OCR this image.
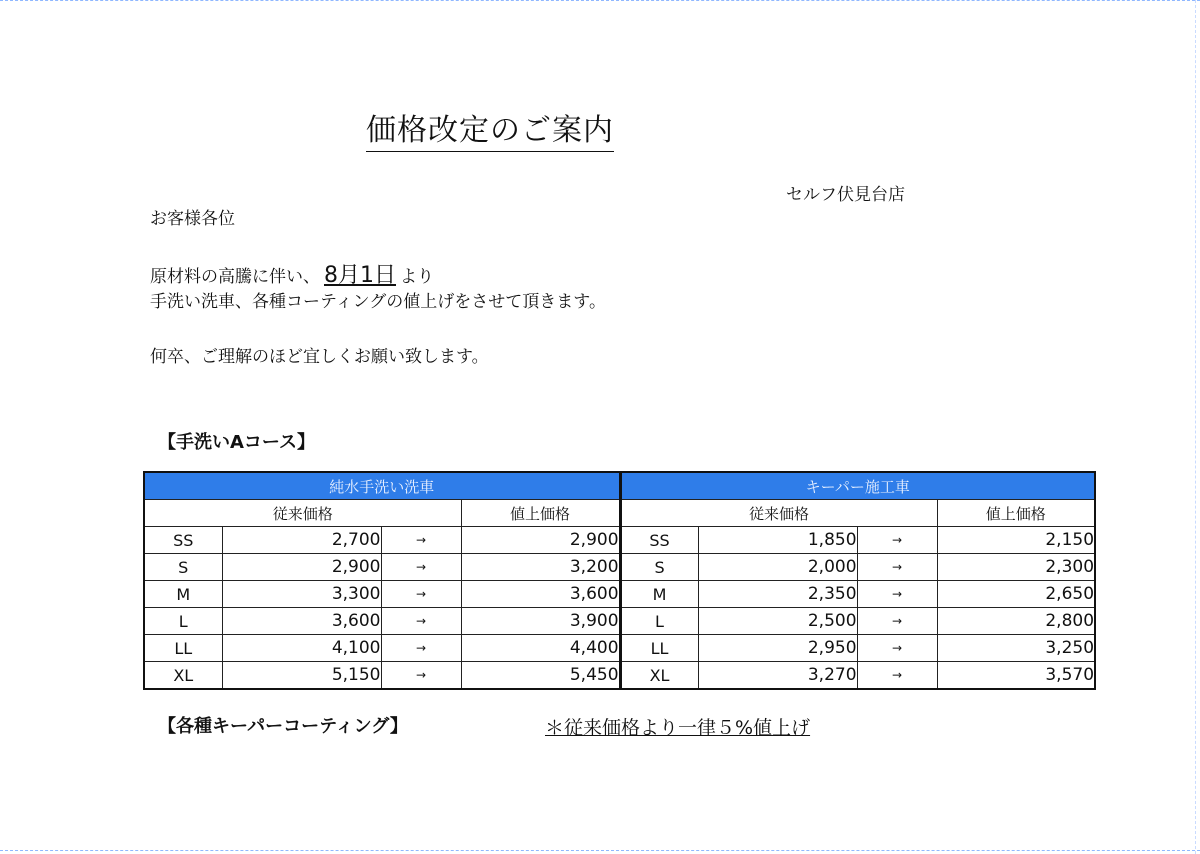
価格改定のご案内
セルフ伏見台店
お客様各位
原材料の高騰に伴い、 8月1日 より
手洗い洗車、各種コーティングの値上げをさせて頂きます。
何卒、ご理解のほど宜しくお願い致します。
【手洗いAコース】
純水手洗い洗車				キーパー施工車			
従来価格			値上価格	従来価格			値上価格
SS	2,700	→	2,900	SS	1,850	→	2,150
S	2,900	→	3,200	S	2,000	→	2,300
M	3,300	→	3,600	M	2,350	→	2,650
L	3,600	→	3,900	L	2,500	→	2,800
LL	4,100	→	4,400	LL	2,950	→	3,250
XL	5,150	→	5,450	XL	3,270	→	3,570
【各種キーパーコーティング】	＊従来価格より一律５%値上げ
